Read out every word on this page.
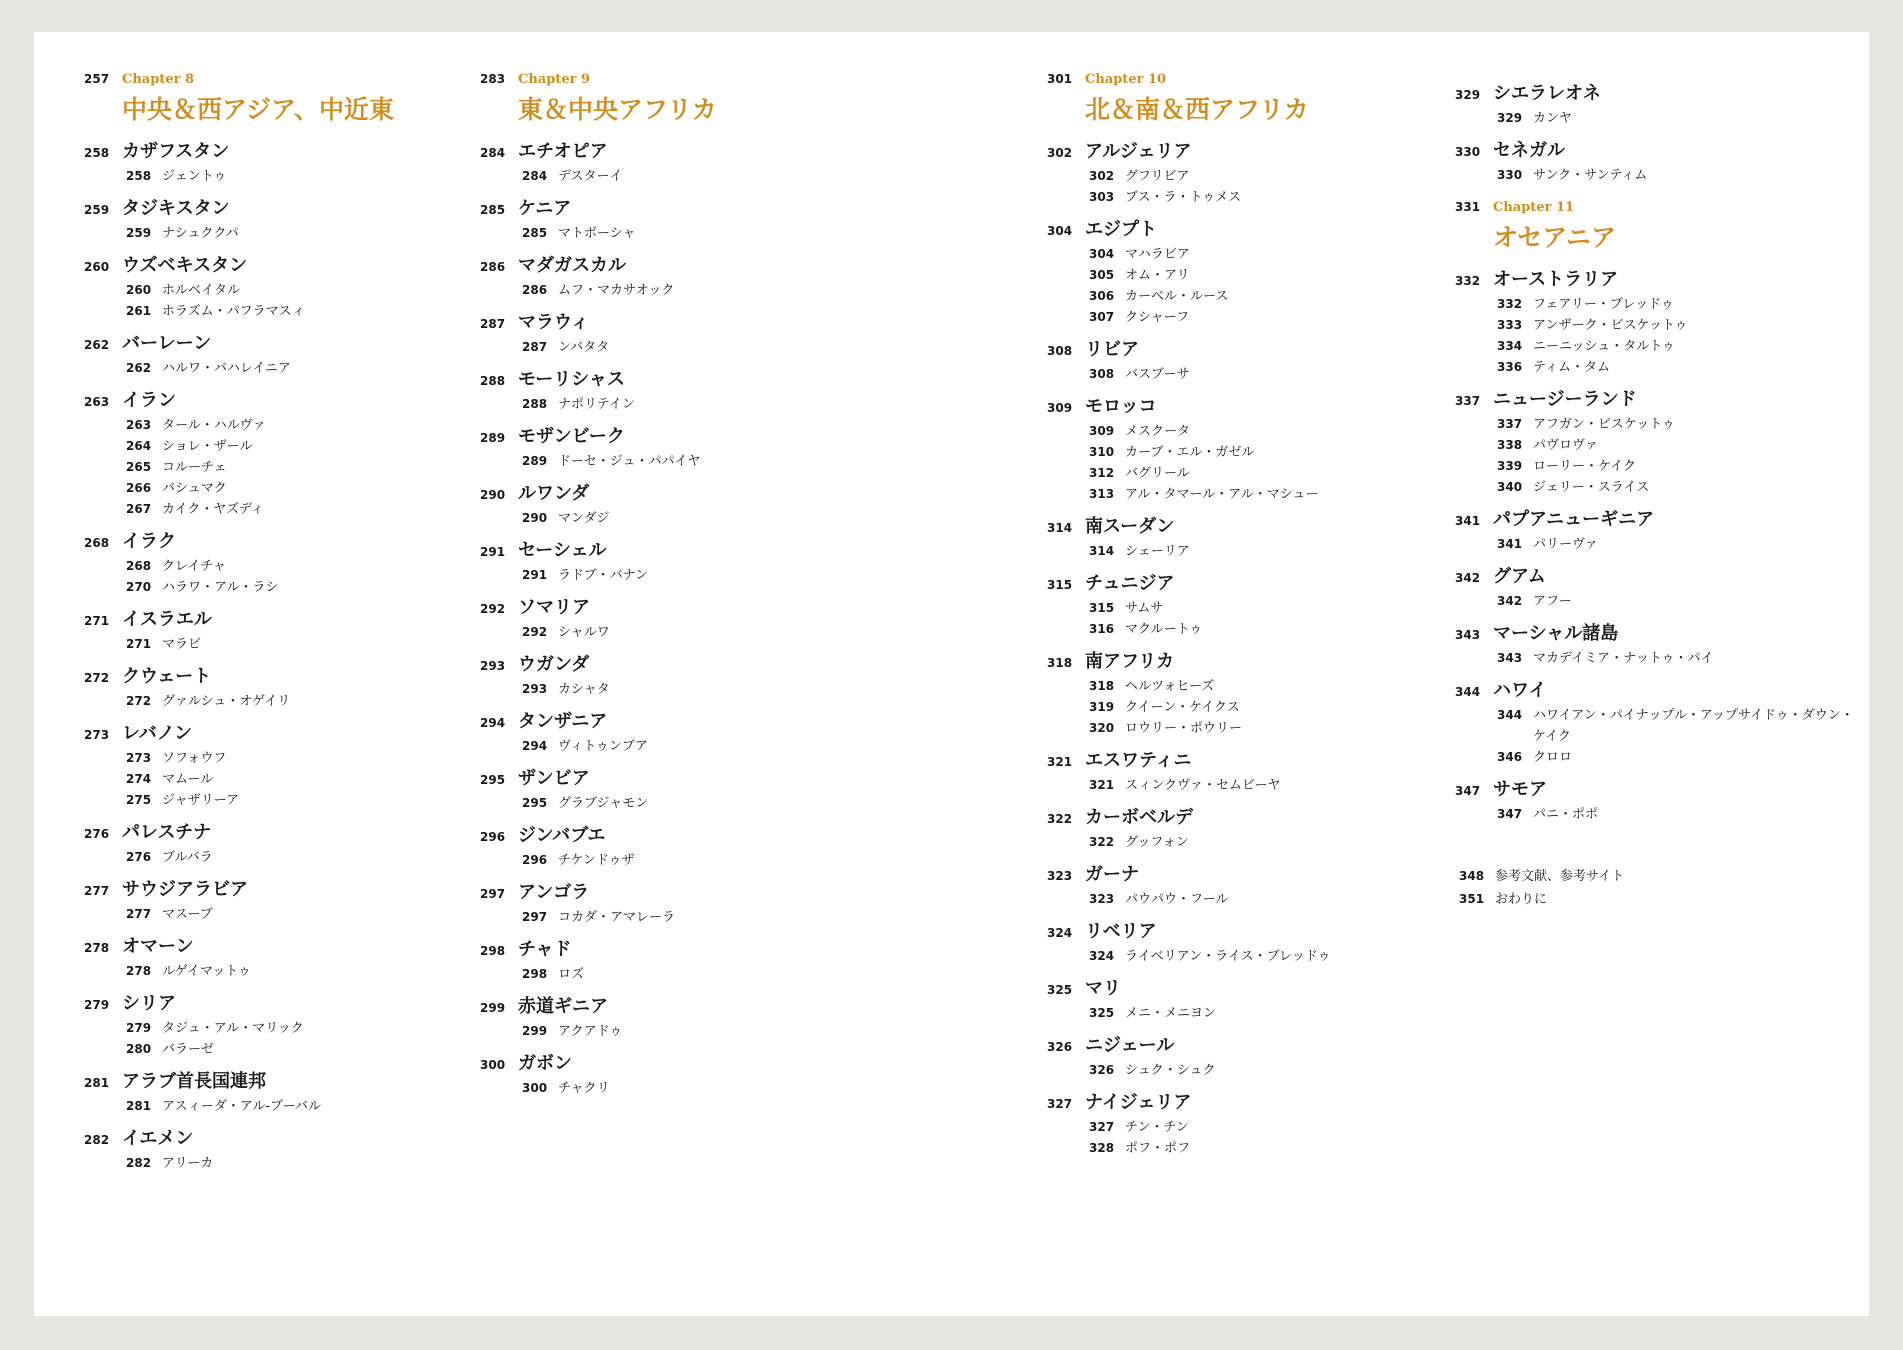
257 Chapter 8
中央＆西アジア、中近東
258 カザフスタン
258 ジェントゥ
259 タジキスタン
259 ナシュククパ
260 ウズベキスタン
260 ホルベイタル
261 ホラズム・パフラマスィ
262 バーレーン
262 ハルワ・バハレイニア
263 イラン
263 タール・ハルヴァ
264 ショレ・ザール
265 コルーチェ
266 バシュマク
267 カイク・ヤズディ
268 イラク
268 クレイチャ
270 ハラワ・アル・ラシ
271 イスラエル
271 マラビ
272 クウェート
272 グァルシュ・オゲイリ
273 レバノン
273 ソフォウフ
274 マムール
275 ジャザリーア
276 パレスチナ
276 ブルバラ
277 サウジアラビア
277 マスーブ
278 オマーン
278 ルゲイマットゥ
279 シリア
279 タジュ・アル・マリック
280 バラーゼ
281 アラブ首長国連邦
281 アスィーダ・アル-ブーバル
282 イエメン
282 アリーカ
283 Chapter 9
東＆中央アフリカ
284 エチオピア
284 デスターイ
285 ケニア
285 マトボーシャ
286 マダガスカル
286 ムフ・マカサオック
287 マラウィ
287 ンバタタ
288 モーリシャス
288 ナポリテイン
289 モザンビーク
289 ドーセ・ジュ・パパイヤ
290 ルワンダ
290 マンダジ
291 セーシェル
291 ラドブ・バナン
292 ソマリア
292 シャルワ
293 ウガンダ
293 カシャタ
294 タンザニア
294 ヴィトゥンブア
295 ザンビア
295 グラブジャモン
296 ジンバブエ
296 チケンドゥザ
297 アンゴラ
297 コカダ・アマレーラ
298 チャド
298 ロズ
299 赤道ギニア
299 アクアドゥ
300 ガボン
300 チャクリ
301 Chapter 10
北＆南＆西アフリカ
302 アルジェリア
302 グフリビア
303 ブス・ラ・トゥメス
304 エジプト
304 マハラビア
305 オム・アリ
306 カーベル・ルース
307 クシャーフ
308 リビア
308 バスブーサ
309 モロッコ
309 メスクータ
310 カーブ・エル・ガゼル
312 バグリール
313 アル・タマール・アル・マシュー
314 南スーダン
314 シェーリア
315 チュニジア
315 サムサ
316 マクルートゥ
318 南アフリカ
318 ヘルツォヒーズ
319 クイーン・ケイクス
320 ロウリー・ポウリー
321 エスワティニ
321 スィンクヴァ・セムビーヤ
322 カーボベルデ
322 グッフォン
323 ガーナ
323 パウパウ・フール
324 リベリア
324 ライベリアン・ライス・ブレッドゥ
325 マリ
325 メニ・メニヨン
326 ニジェール
326 シュク・シュク
327 ナイジェリア
327 チン・チン
328 ポフ・ポフ
329 シエラレオネ
329 カンヤ
330 セネガル
330 サンク・サンティム
331 Chapter 11
オセアニア
332 オーストラリア
332 フェアリー・ブレッドゥ
333 アンザーク・ビスケットゥ
334 ニーニッシュ・タルトゥ
336 ティム・タム
337 ニュージーランド
337 アフガン・ビスケットゥ
338 パヴロヴァ
339 ローリー・ケイク
340 ジェリー・スライス
341 パプアニューギニア
341 パリーヴァ
342 グアム
342 アフー
343 マーシャル諸島
343 マカデイミア・ナットゥ・パイ
344 ハワイ
344 ハワイアン・パイナップル・アップサイドゥ・ダウン・ケイク
346 クロロ
347 サモア
347 パニ・ポポ
348 参考文献、参考サイト
351 おわりに
